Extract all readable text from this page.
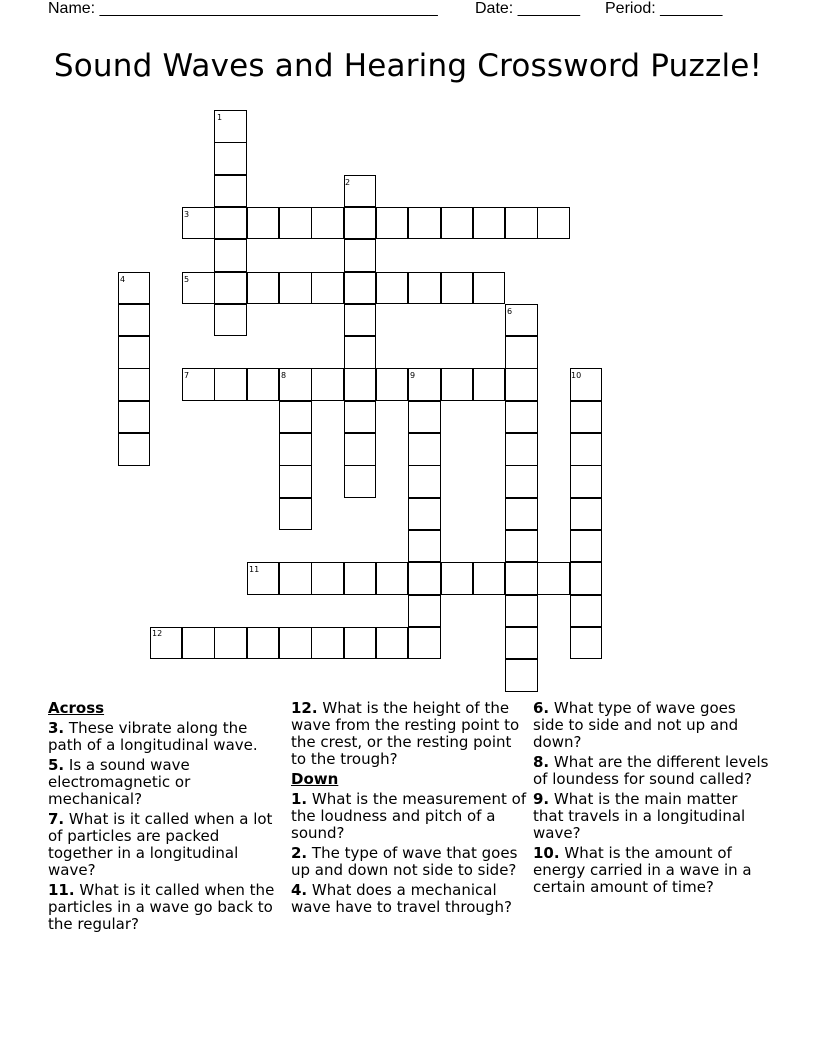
Name: ______________________________________ Date: _______ Period: _______
Sound Waves and Hearing Crossword Puzzle!
1
2
3
4	5
6
7	8	9	10
11
12
Across
3. These vibrate along the path of a longitudinal wave.
5. Is a sound wave electromagnetic or mechanical?
7. What is it called when a lot of particles are packed together in a longitudinal wave?
11. What is it called when the particles in a wave go back to the regular?
12. What is the height of the wave from the resting point to the crest, or the resting point to the trough?
Down
1. What is the measurement of the loudness and pitch of a sound?
2. The type of wave that goes up and down not side to side?
4. What does a mechanical wave have to travel through?
6. What type of wave goes side to side and not up and down?
8. What are the different levels of loundess for sound called?
9. What is the main matter that travels in a longitudinal wave?
10. What is the amount of energy carried in a wave in a certain amount of time?
